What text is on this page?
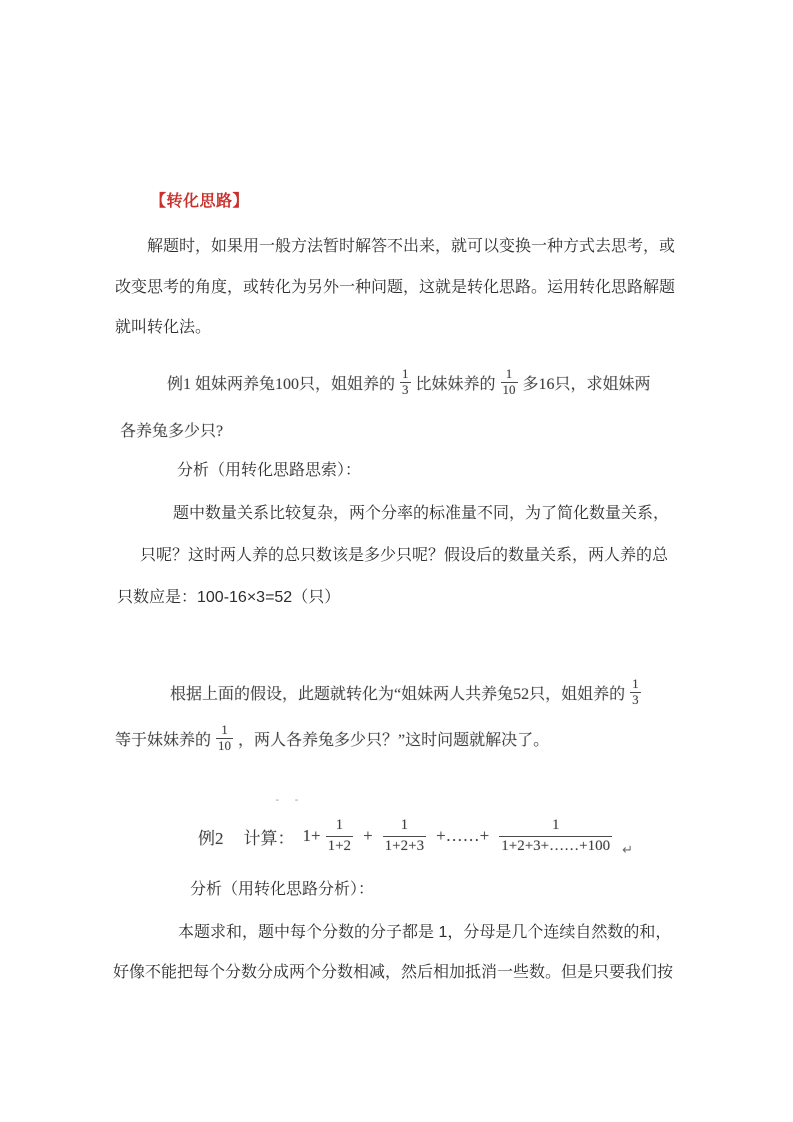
【转化思路】
解题时，如果用一般方法暂时解答不出来，就可以变换一种方式去思考，或
改变思考的角度，或转化为另外一种问题，这就是转化思路。运用转化思路解题
就叫转化法。
例1 姐妹两养兔100只，姐姐养的 $\frac{1}{3}$ 比妹妹养的 $\frac{1}{10}$ 多16只，求姐妹两
各养兔多少只?
分析（用转化思路思索）：
题中数量关系比较复杂，两个分率的标准量不同，为了简化数量关系，
只呢？这时两人养的总只数该是多少只呢？假设后的数量关系，两人养的总
只数应是：100-16×3=52（只）
根据上面的假设，此题就转化为“姐妹两人共养兔52只，姐姐养的 $\frac{1}{3}$
等于妹妹养的 $\frac{1}{10}$ ，两人各养兔多少只？”这时问题就解决了。
- -
例2 计算： $1+ \frac{1}{1+2} + \frac{1}{1+2+3}$ +……+ $\frac{1}{1+2+3+\dots\dots+100}$ ↵
分析（用转化思路分析）：
本题求和，题中每个分数的分子都是 1，分母是几个连续自然数的和，
好像不能把每个分数分成两个分数相减，然后相加抵消一些数。但是只要我们按
